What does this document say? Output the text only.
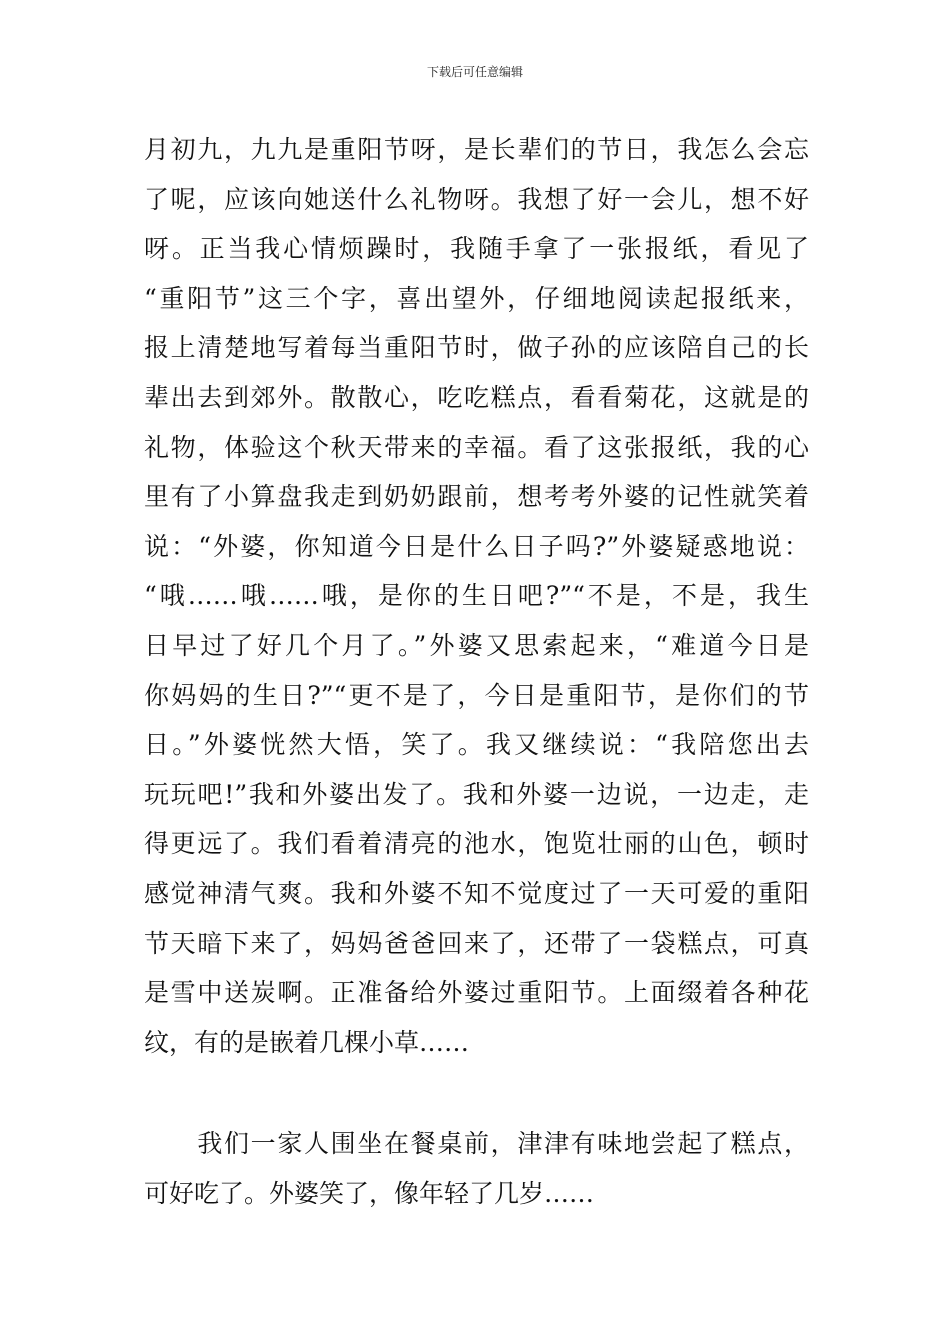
下载后可任意编辑
月初九，九九是重阳节呀，是长辈们的节日，我怎么会忘
了呢，应该向她送什么礼物呀。我想了好一会儿，想不好
呀。正当我心情烦躁时，我随手拿了一张报纸，看见了
“重阳节”这三个字，喜出望外，仔细地阅读起报纸来，
报上清楚地写着每当重阳节时，做子孙的应该陪自己的长
辈出去到郊外。散散心，吃吃糕点，看看菊花，这就是的
礼物，体验这个秋天带来的幸福。看了这张报纸，我的心
里有了小算盘我走到奶奶跟前，想考考外婆的记性就笑着
说：“外婆，你知道今日是什么日子吗?”外婆疑惑地说：
“哦……哦……哦，是你的生日吧?”“不是，不是，我生
日早过了好几个月了。”外婆又思索起来，“难道今日是
你妈妈的生日?”“更不是了，今日是重阳节，是你们的节
日。”外婆恍然大悟，笑了。我又继续说：“我陪您出去
玩玩吧!”我和外婆出发了。我和外婆一边说，一边走，走
得更远了。我们看着清亮的池水，饱览壮丽的山色，顿时
感觉神清气爽。我和外婆不知不觉度过了一天可爱的重阳
节天暗下来了，妈妈爸爸回来了，还带了一袋糕点，可真
是雪中送炭啊。正准备给外婆过重阳节。上面缀着各种花
纹，有的是嵌着几棵小草……
　　我们一家人围坐在餐桌前，津津有味地尝起了糕点，
可好吃了。外婆笑了，像年轻了几岁……
